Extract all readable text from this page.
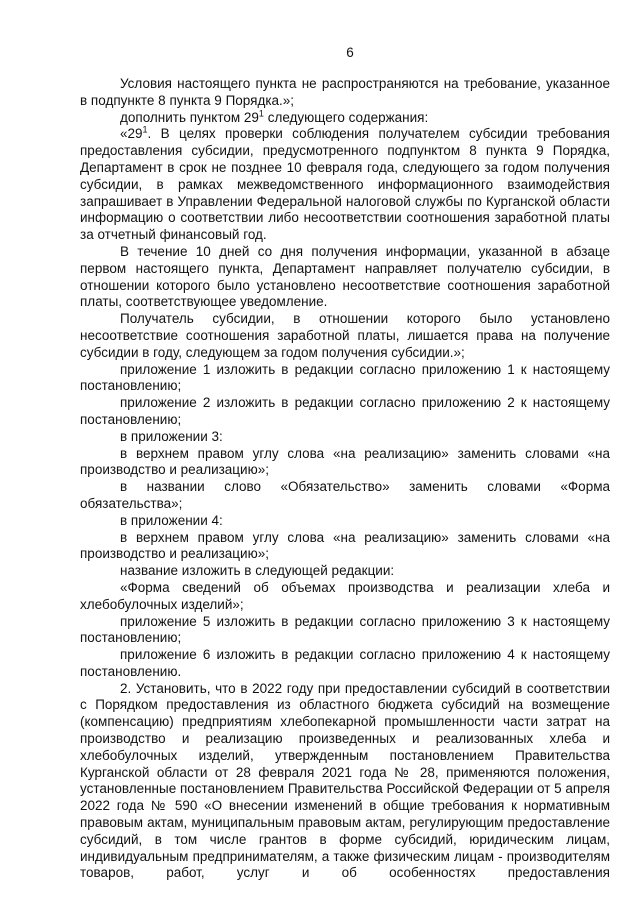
6

Условия настоящего пункта не распространяются на требование, указанное в подпункте 8 пункта 9 Порядка.»;

дополнить пунктом $29^1$ следующего содержания:

«$29^1$. В целях проверки соблюдения получателем субсидии требования предоставления субсидии, предусмотренного подпунктом 8 пункта 9 Порядка, Департамент в срок не позднее 10 февраля года, следующего за годом получения субсидии, в рамках межведомственного информационного взаимодействия запрашивает в Управлении Федеральной налоговой службы по Курганской области информацию о соответствии либо несоответствии соотношения заработной платы за отчетный финансовый год.

В течение 10 дней со дня получения информации, указанной в абзаце первом настоящего пункта, Департамент направляет получателю субсидии, в отношении которого было установлено несоответствие соотношения заработной платы, соответствующее уведомление.

Получатель субсидии, в отношении которого было установлено несоответствие соотношения заработной платы, лишается права на получение субсидии в году, следующем за годом получения субсидии.»;

приложение 1 изложить в редакции согласно приложению 1 к настоящему постановлению;

приложение 2 изложить в редакции согласно приложению 2 к настоящему постановлению;

в приложении 3:

в верхнем правом углу слова «на реализацию» заменить словами «на производство и реализацию»;

в названии слово «Обязательство» заменить словами «Форма обязательства»;

в приложении 4:

в верхнем правом углу слова «на реализацию» заменить словами «на производство и реализацию»;

название изложить в следующей редакции:

«Форма сведений об объемах производства и реализации хлеба и хлебобулочных изделий»;

приложение 5 изложить в редакции согласно приложению 3 к настоящему постановлению;

приложение 6 изложить в редакции согласно приложению 4 к настоящему постановлению.

2. Установить, что в 2022 году при предоставлении субсидий в соответствии с Порядком предоставления из областного бюджета субсидий на возмещение (компенсацию) предприятиям хлебопекарной промышленности части затрат на производство и реализацию произведенных и реализованных хлеба и хлебобулочных изделий, утвержденным постановлением Правительства Курганской области от 28 февраля 2021 года № 28, применяются положения, установленные постановлением Правительства Российской Федерации от 5 апреля 2022 года № 590 «О внесении изменений в общие требования к нормативным правовым актам, муниципальным правовым актам, регулирующим предоставление субсидий, в том числе грантов в форме субсидий, юридическим лицам, индивидуальным предпринимателям, а также физическим лицам - производителям товаров, работ, услуг и об особенностях предоставления
